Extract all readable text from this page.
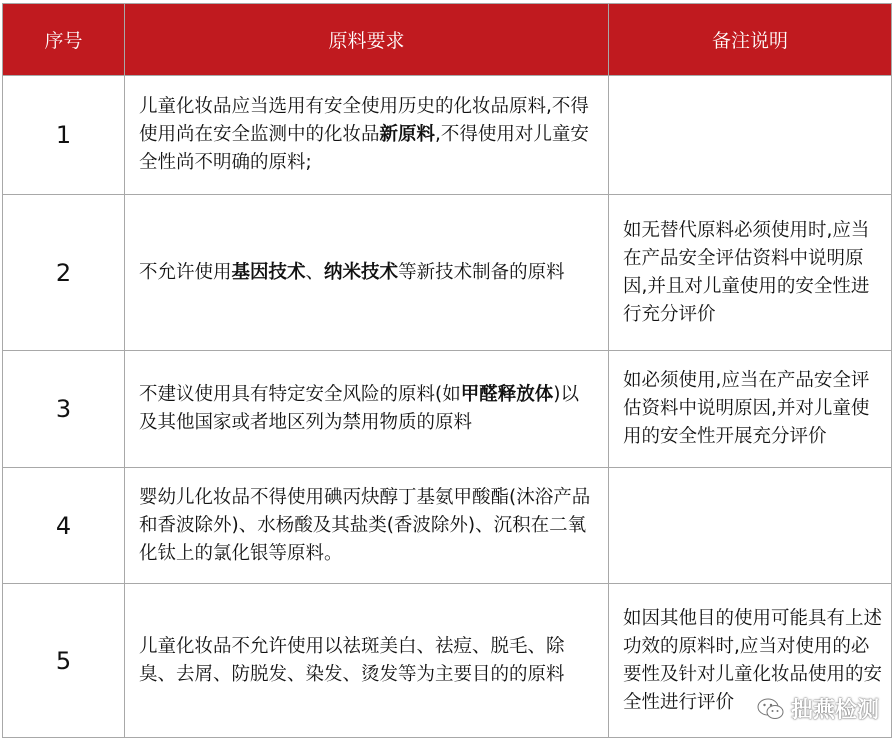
序号	原料要求	备注说明
1	儿童化妆品应当选用有安全使用历史的化妆品原料,不得使用尚在安全监测中的化妆品新原料,不得使用对儿童安全性尚不明确的原料;	
2	不允许使用基因技术、纳米技术等新技术制备的原料	如无替代原料必须使用时,应当在产品安全评估资料中说明原因,并且对儿童使用的安全性进行充分评价
3	不建议使用具有特定安全风险的原料(如甲醛释放体)以及其他国家或者地区列为禁用物质的原料	如必须使用,应当在产品安全评估资料中说明原因,并对儿童使用的安全性开展充分评价
4	婴幼儿化妆品不得使用碘丙炔醇丁基氨甲酸酯(沐浴产品和香波除外)、水杨酸及其盐类(香波除外)、沉积在二氧化钛上的氯化银等原料。	
5	儿童化妆品不允许使用以祛斑美白、祛痘、脱毛、除臭、去屑、防脱发、染发、烫发等为主要目的的原料	如因其他目的使用可能具有上述功效的原料时,应当对使用的必要性及针对儿童化妆品使用的安全性进行评价	拙燕检测
